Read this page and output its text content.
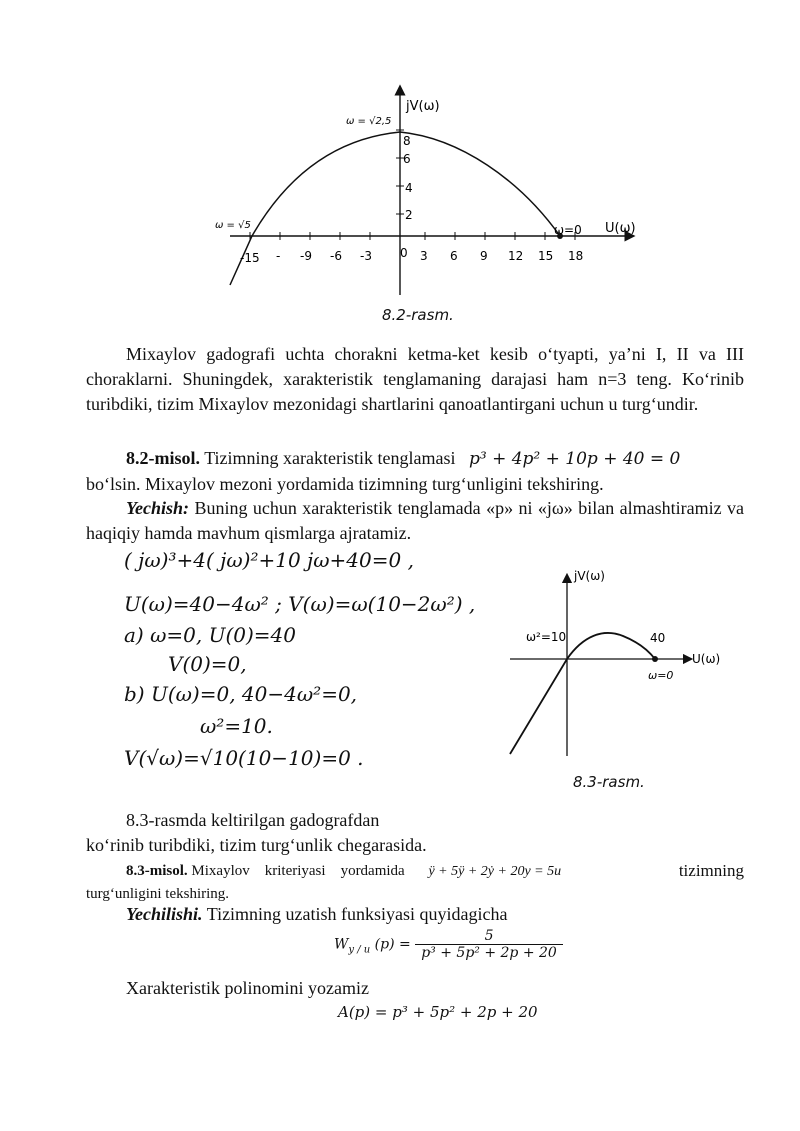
jV(ω)
U(ω)
8
6
4
2
-15 - -9 -6 -3 0 3 6 9 12 15 18
ω = √2,5
ω = √5	ω=0
8.2-rasm.

Mixaylov gadografi uchta chorakni ketma-ket kesib o‘tyapti, ya’ni I, II va III choraklarni. Shuningdek, xarakteristik tenglamaning darajasi ham n=3 teng. Ko‘rinib turibdiki, tizim Mixaylov mezonidagi shartlarini qanoatlantirgani uchun u turg‘undir.

8.2-misol. Tizimning xarakteristik tenglamasi p³ + 4p² + 10p + 40 = 0

bo‘lsin. Mixaylov mezoni yordamida tizimning turg‘unligini tekshiring.

Yechish: Buning uchun xarakteristik tenglamada «p» ni «jω» bilan almashtiramiz va haqiqiy hamda mavhum qismlarga ajratamiz.

( jω)³+4( jω)²+10 jω+40=0 ,
U(ω)=40−4ω² ; V(ω)=ω(10−2ω²) ,
a) ω=0, U(0)=40
V(0)=0,
b) U(ω)=0, 40−4ω²=0,
ω²=10.
V(√ω)=√10(10−10)=0 .
jV(ω)
U(ω)
ω²=10	40
ω=0
8.3-rasm.

8.3-rasmda keltirilgan gadografdan

ko‘rinib turibdiki, tizim turg‘unlik chegarasida.

8.3-misol. Mixaylov    kriteriyasi    yordamida ÿ + 5ÿ + 2ẏ + 20y = 5u	tizimning

turg‘unligini tekshiring.

Yechilishi. Tizimning uzatish funksiyasi quyidagicha

$W_{y / u}$ $(p) = \frac{5}{\text{p³ + 5p² + 2p + 20}}$

Xarakteristik polinomini yozamiz

A(p) = p³ + 5p² + 2p + 20
